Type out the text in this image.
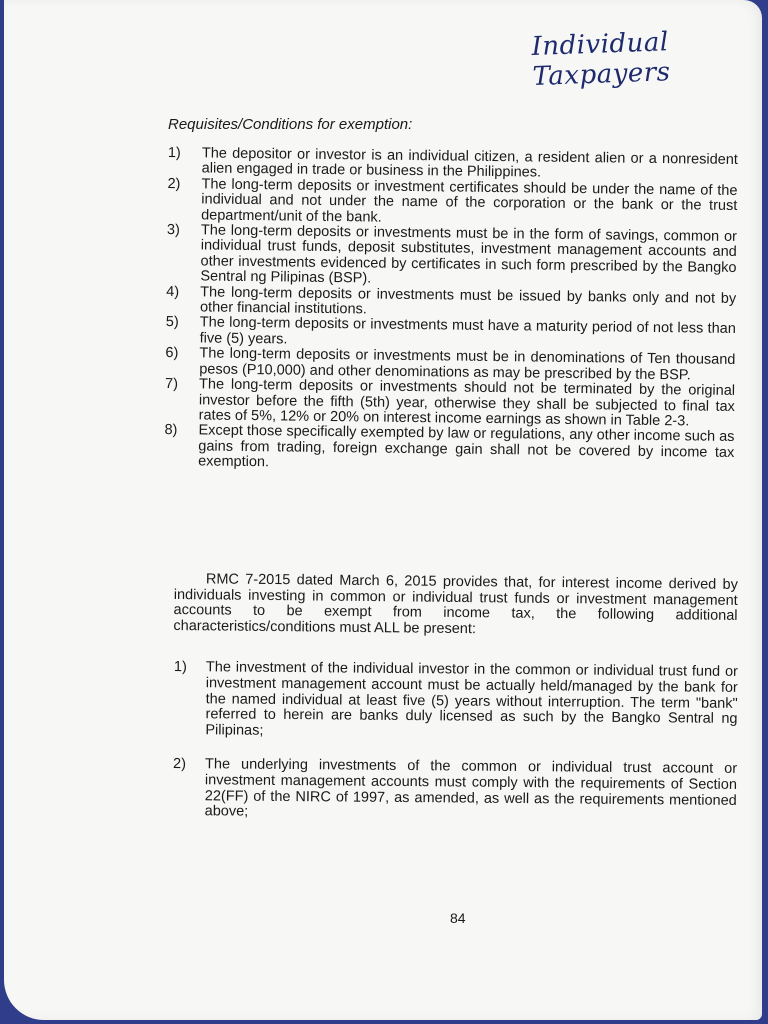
Individual Taxpayers
Requisites/Conditions for exemption:
1)	The depositor or investor is an individual citizen, a resident alien or a nonresident alien engaged in trade or business in the Philippines.
2)	The long-term deposits or investment certificates should be under the name of the individual and not under the name of the corporation or the bank or the trust department/unit of the bank.
3)	The long-term deposits or investments must be in the form of savings, common or individual trust funds, deposit substitutes, investment management accounts and other investments evidenced by certificates in such form prescribed by the Bangko Sentral ng Pilipinas (BSP).
4)	The long-term deposits or investments must be issued by banks only and not by other financial institutions.
5)	The long-term deposits or investments must have a maturity period of not less than five (5) years.
6)	The long-term deposits or investments must be in denominations of Ten thousand pesos (P10,000) and other denominations as may be prescribed by the BSP.
7)	The long-term deposits or investments should not be terminated by the original investor before the fifth (5th) year, otherwise they shall be subjected to final tax rates of 5%, 12% or 20% on interest income earnings as shown in Table 2-3.
8)	Except those specifically exempted by law or regulations, any other income such as gains from trading, foreign exchange gain shall not be covered by income tax exemption.

RMC 7-2015 dated March 6, 2015 provides that, for interest income derived by individuals investing in common or individual trust funds or investment management accounts to be exempt from income tax, the following additional characteristics/conditions must ALL be present:

1)	The investment of the individual investor in the common or individual trust fund or investment management account must be actually held/managed by the bank for the named individual at least five (5) years without interruption. The term "bank" referred to herein are banks duly licensed as such by the Bangko Sentral ng Pilipinas;
2)	The underlying investments of the common or individual trust account or investment management accounts must comply with the requirements of Section 22(FF) of the NIRC of 1997, as amended, as well as the requirements mentioned above;
84
